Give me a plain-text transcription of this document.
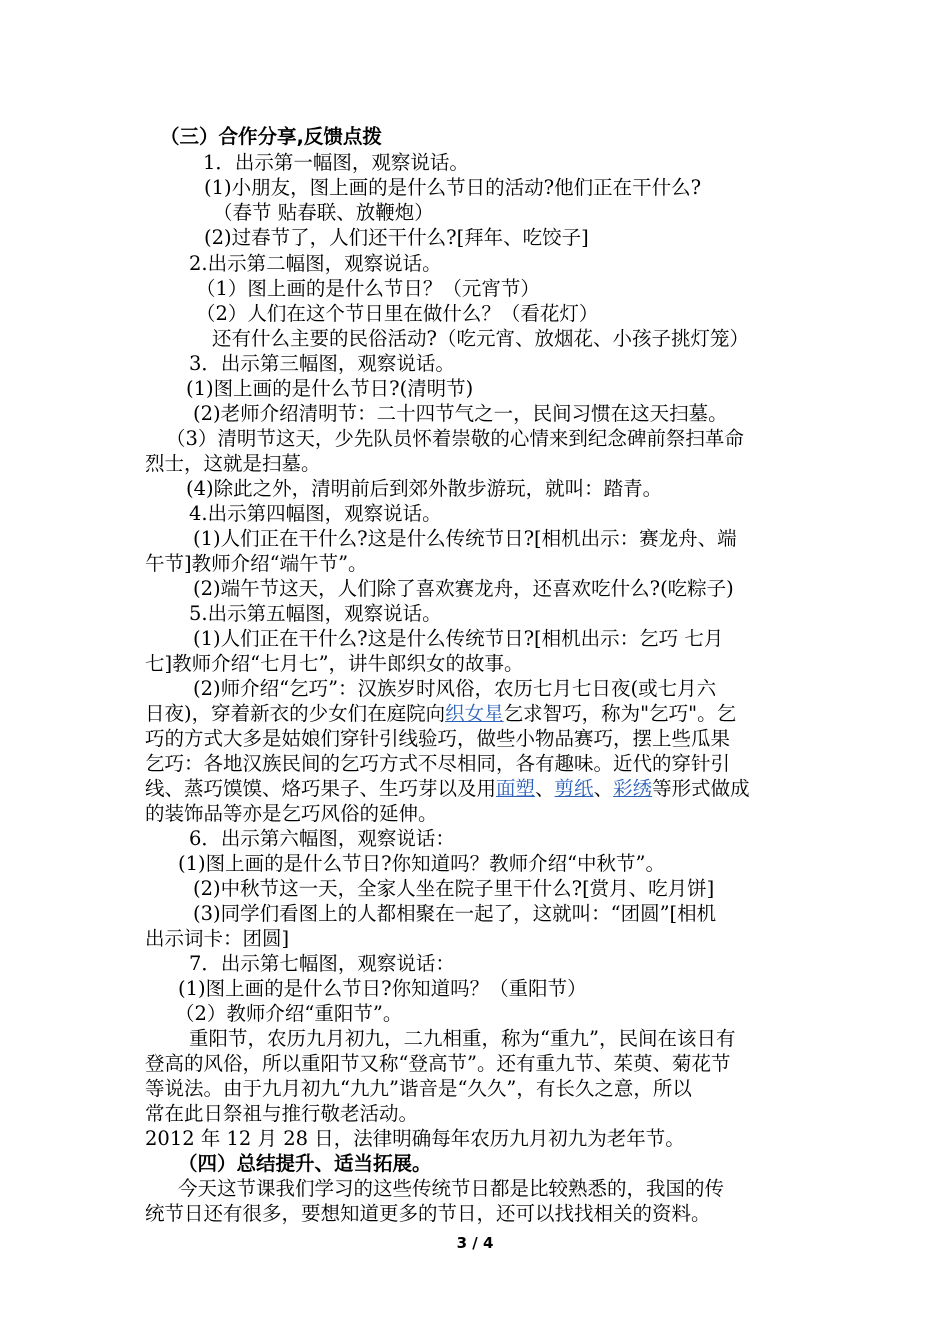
（三）合作分享,反馈点拨
1．出示第一幅图，观察说话。
(1)小朋友，图上画的是什么节日的活动?他们正在干什么?
（春节 贴春联、放鞭炮）
(2)过春节了，人们还干什么?[拜年、吃饺子]
2.出示第二幅图，观察说话。
（1）图上画的是什么节日？（元宵节）
（2）人们在这个节日里在做什么？（看花灯）
还有什么主要的民俗活动?（吃元宵、放烟花、小孩子挑灯笼）
3．出示第三幅图，观察说话。
(1)图上画的是什么节日?(清明节)
(2)老师介绍清明节：二十四节气之一，民间习惯在这天扫墓。
（3）清明节这天，少先队员怀着崇敬的心情来到纪念碑前祭扫革命
烈士，这就是扫墓。
(4)除此之外，清明前后到郊外散步游玩，就叫：踏青。
4.出示第四幅图，观察说话。
(1)人们正在干什么?这是什么传统节日?[相机出示：赛龙舟、端
午节]教师介绍“端午节”。
(2)端午节这天，人们除了喜欢赛龙舟，还喜欢吃什么?(吃粽子)
5.出示第五幅图，观察说话。
(1)人们正在干什么?这是什么传统节日?[相机出示：乞巧 七月
七]教师介绍“七月七”，讲牛郎织女的故事。
(2)师介绍“乞巧”：汉族岁时风俗，农历七月七日夜(或七月六
日夜)，穿着新衣的少女们在庭院向织女星乞求智巧，称为"乞巧"。乞
巧的方式大多是姑娘们穿针引线验巧，做些小物品赛巧，摆上些瓜果
乞巧：各地汉族民间的乞巧方式不尽相同，各有趣味。近代的穿针引
线、蒸巧馍馍、烙巧果子、生巧芽以及用面塑、剪纸、彩绣等形式做成
的装饰品等亦是乞巧风俗的延伸。
6．出示第六幅图，观察说话：
(1)图上画的是什么节日?你知道吗？教师介绍“中秋节”。
(2)中秋节这一天，全家人坐在院子里干什么?[赏月、吃月饼]
(3)同学们看图上的人都相聚在一起了，这就叫：“团圆”[相机
出示词卡：团圆]
7．出示第七幅图，观察说话：
(1)图上画的是什么节日?你知道吗？（重阳节）
（2）教师介绍“重阳节”。
重阳节，农历九月初九，二九相重，称为“重九”，民间在该日有
登高的风俗，所以重阳节又称“登高节”。还有重九节、茱萸、菊花节
等说法。由于九月初九“九九”谐音是“久久”，有长久之意，所以
常在此日祭祖与推行敬老活动。
2012 年 12 月 28 日，法律明确每年农历九月初九为老年节。
（四）总结提升、适当拓展。
今天这节课我们学习的这些传统节日都是比较熟悉的，我国的传
统节日还有很多，要想知道更多的节日，还可以找找相关的资料。
3 / 4
